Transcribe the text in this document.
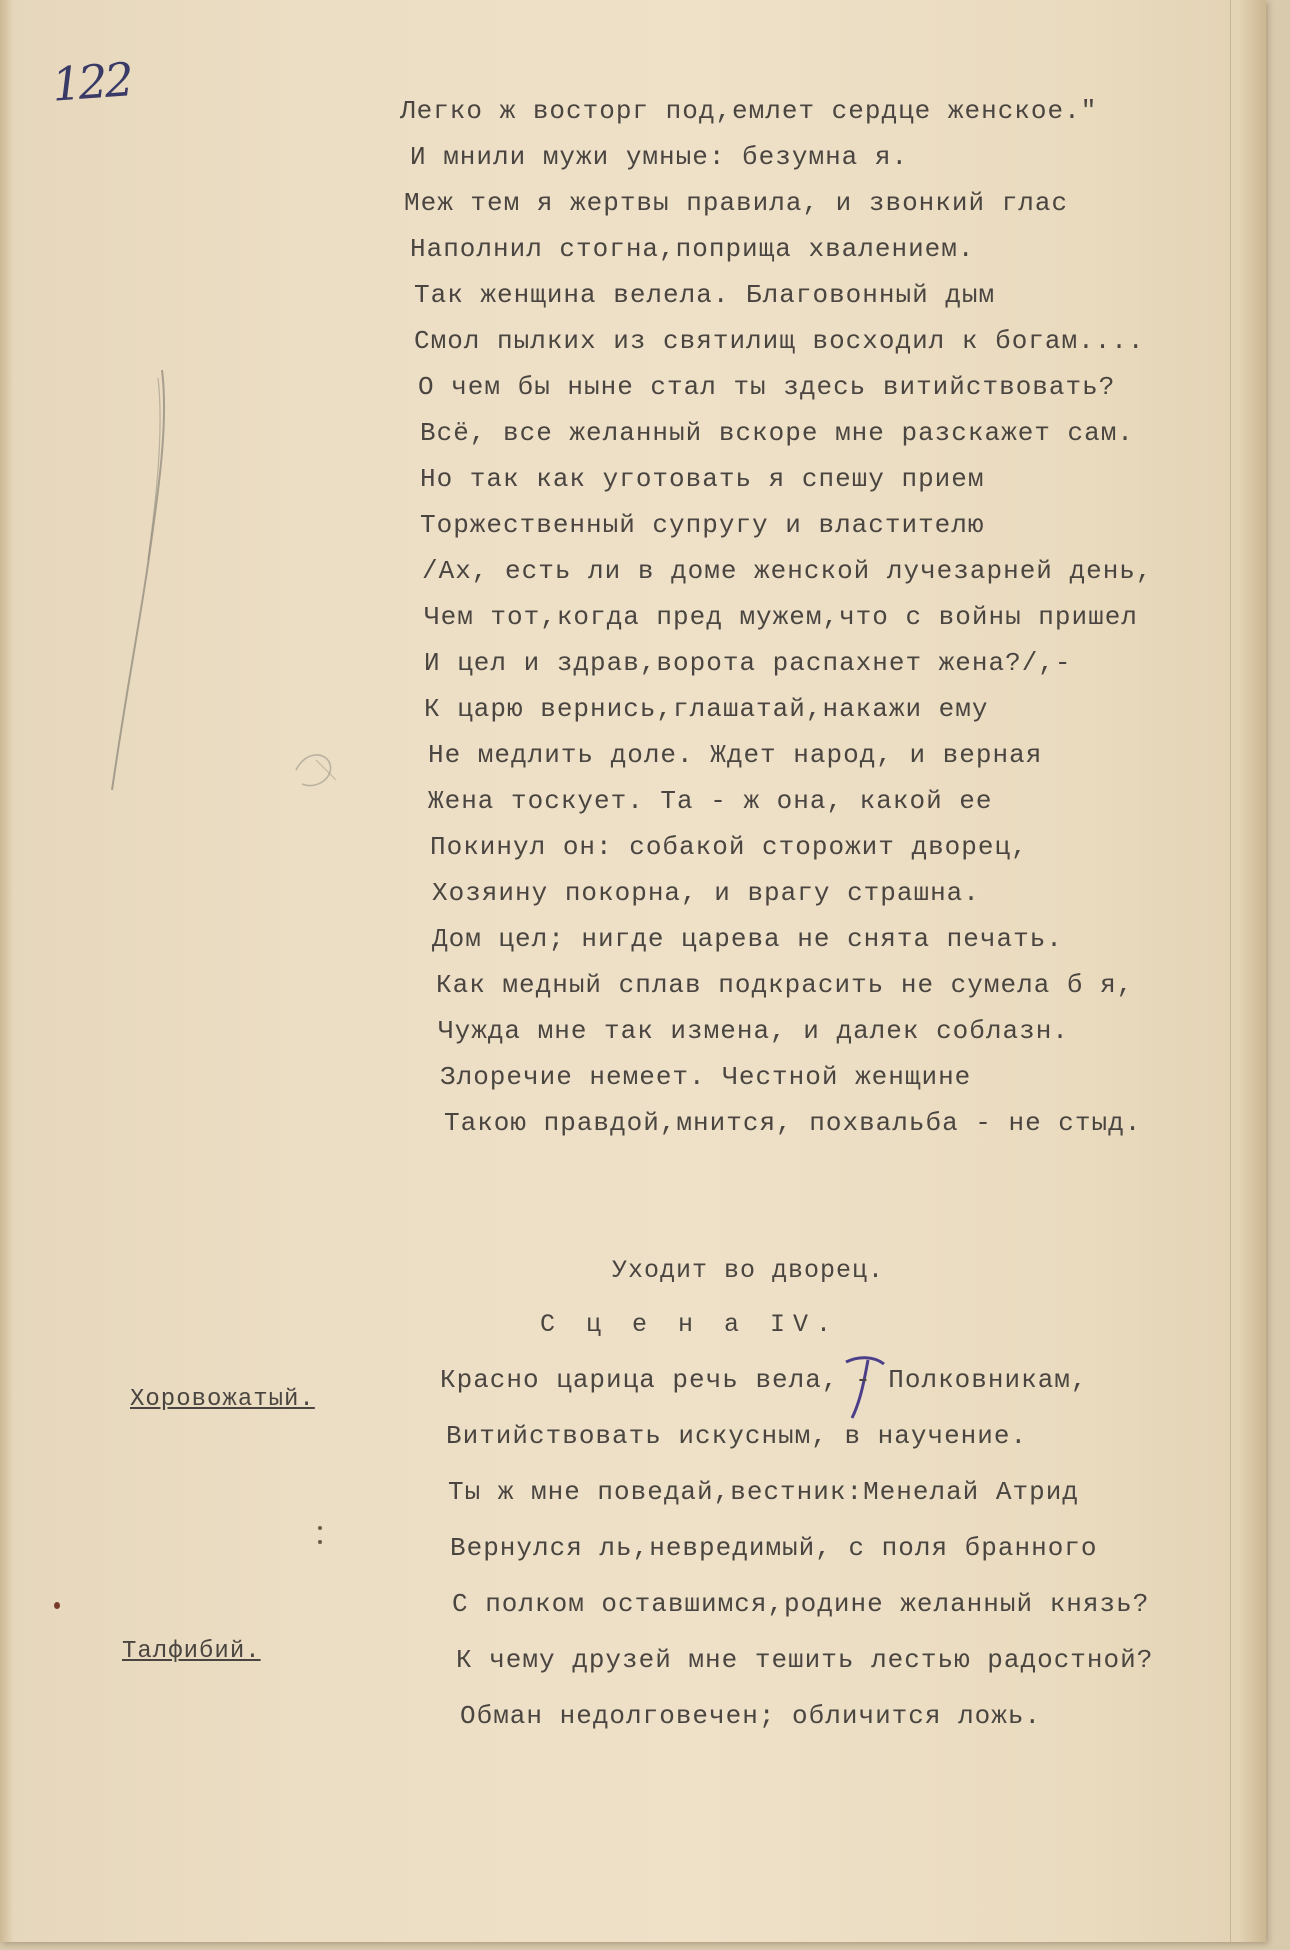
122	Легко ж восторг под,емлет сердце женское."
И мнили мужи умные: безумна я.
Меж тем я жертвы правила, и звонкий глас
Наполнил стогна,поприща хвалением.
Так женщина велела. Благовонный дым
Смол пылких из святилищ восходил к богам....
О чем бы ныне стал ты здесь витийствовать?
Всё, все желанный вскоре мне разскажет сам.
Но так как уготовать я спешу прием
Торжественный супругу и властителю
/Ах, есть ли в доме женской лучезарней день,
Чем тот,когда пред мужем,что с войны пришел
И цел и здрав,ворота распахнет жена?/,-
К царю вернись,глашатай,накажи ему
Не медлить доле. Ждет народ, и верная
Жена тоскует. Та - ж она, какой ее
Покинул он: собакой сторожит дворец,
Хозяину покорна, и врагу страшна.
Дом цел; нигде царева не снята печать.
Как медный сплав подкрасить не сумела б я,
Чужда мне так измена, и далек соблазн.
Злоречие немеет. Честной женщине
Такою правдой,мнится, похвальба - не стыд.
Уходит во дворец.
С ц е н а IV.
Хоровожатый.
Талфибий.
Красно царица речь вела, - Полковникам,
Витийствовать искусным, в научение.
Ты ж мне поведай,вестник:Менелай Атрид
Вернулся ль,невредимый, с поля бранного
С полком оставшимся,родине желанный князь?
К чему друзей мне тешить лестью радостной?
Обман недолговечен; обличится ложь.
